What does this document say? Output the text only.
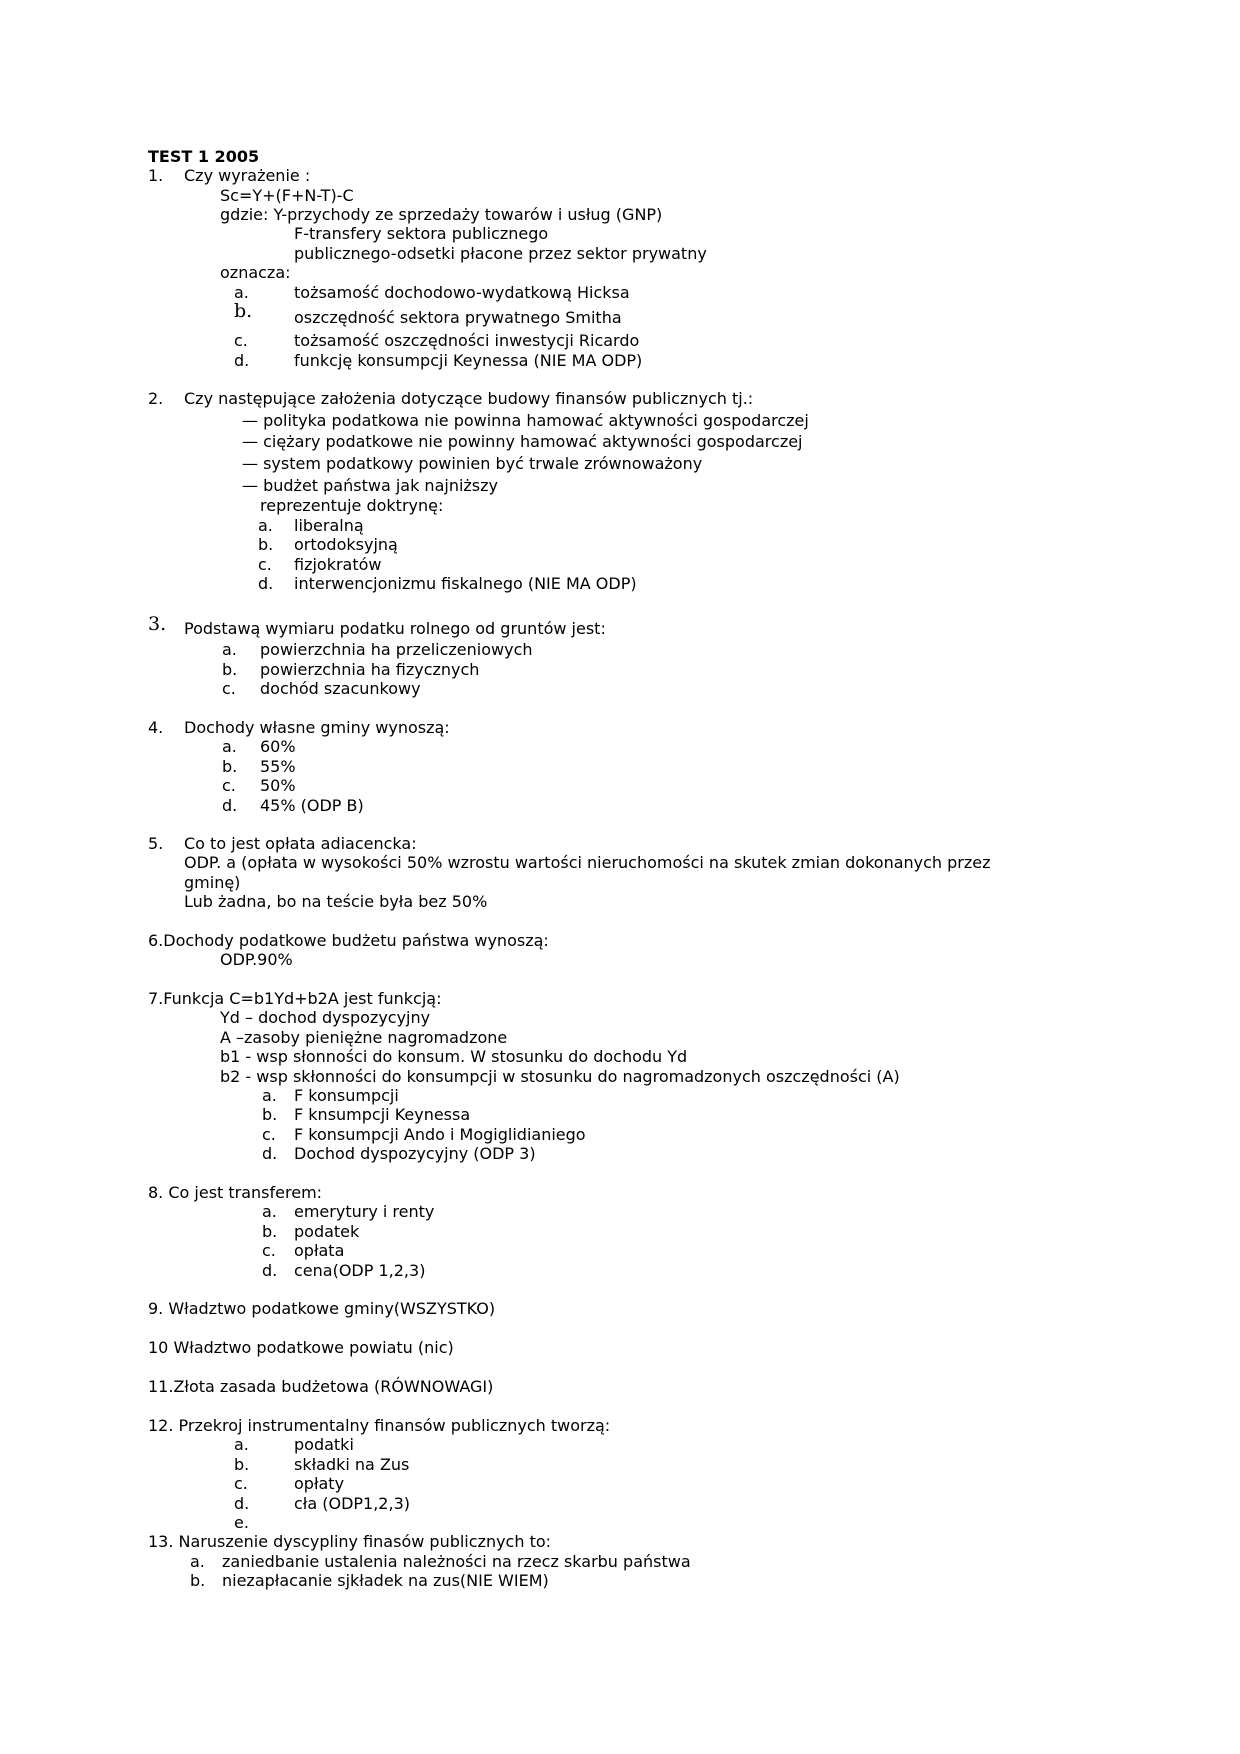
TEST 1 2005
1. Czy wyrażenie :
Sc=Y+(F+N-T)-C
gdzie: Y-przychody ze sprzedaży towarów i usług (GNP)
F-transfery sektora publicznego
publicznego-odsetki płacone przez sektor prywatny
oznacza:
a.	tożsamość dochodowo-wydatkową Hicksa
b.	oszczędność sektora prywatnego Smitha
c.	tożsamość oszczędności inwestycji Ricardo
d.	funkcję konsumpcji Keynessa (NIE MA ODP)
2. Czy następujące założenia dotyczące budowy finansów publicznych tj.:
— polityka podatkowa nie powinna hamować aktywności gospodarczej
— ciężary podatkowe nie powinny hamować aktywności gospodarczej
— system podatkowy powinien być trwale zrównoważony
— budżet państwa jak najniższy
reprezentuje doktrynę:
a. liberalną
b. ortodoksyjną
c. fizjokratów
d. interwencjonizmu fiskalnego (NIE MA ODP)
3. Podstawą wymiaru podatku rolnego od gruntów jest:
a. powierzchnia ha przeliczeniowych
b. powierzchnia ha fizycznych
c. dochód szacunkowy
4. Dochody własne gminy wynoszą:
a. 60%
b. 55%
c. 50%
d. 45% (ODP B)
5. Co to jest opłata adiacencka:
ODP. a (opłata w wysokości 50% wzrostu wartości nieruchomości na skutek zmian dokonanych przez
gminę)
Lub żadna, bo na teście była bez 50%
6.Dochody podatkowe budżetu państwa wynoszą:
ODP.90%
7.Funkcja C=b1Yd+b2A jest funkcją:
Yd – dochod dyspozycyjny
A –zasoby pieniężne nagromadzone
b1 - wsp słonności do konsum. W stosunku do dochodu Yd
b2 - wsp skłonności do konsumpcji w stosunku do nagromadzonych oszczędności (A)
a. F konsumpcji
b. F knsumpcji Keynessa
c. F konsumpcji Ando i Mogiglidianiego
d. Dochod dyspozycyjny (ODP 3)
8. Co jest transferem:
a. emerytury i renty
b. podatek
c. opłata
d. cena(ODP 1,2,3)
9. Władztwo podatkowe gminy(WSZYSTKO)
10 Władztwo podatkowe powiatu (nic)
11.Złota zasada budżetowa (RÓWNOWAGI)
12. Przekroj instrumentalny finansów publicznych tworzą:
a.	podatki
b.	składki na Zus
c.	opłaty
d.	cła (ODP1,2,3)
e.
13. Naruszenie dyscypliny finasów publicznych to:
a. zaniedbanie ustalenia należności na rzecz skarbu państwa
b. niezapłacanie sjkładek na zus(NIE WIEM)
